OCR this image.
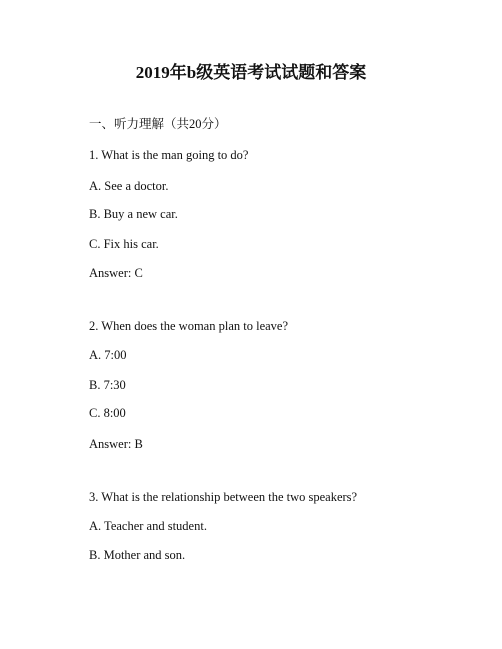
2019年b级英语考试试题和答案
一、听力理解（共20分）
1. What is the man going to do?
A. See a doctor.
B. Buy a new car.
C. Fix his car.
Answer: C
2. When does the woman plan to leave?
A. 7:00
B. 7:30
C. 8:00
Answer: B
3. What is the relationship between the two speakers?
A. Teacher and student.
B. Mother and son.
